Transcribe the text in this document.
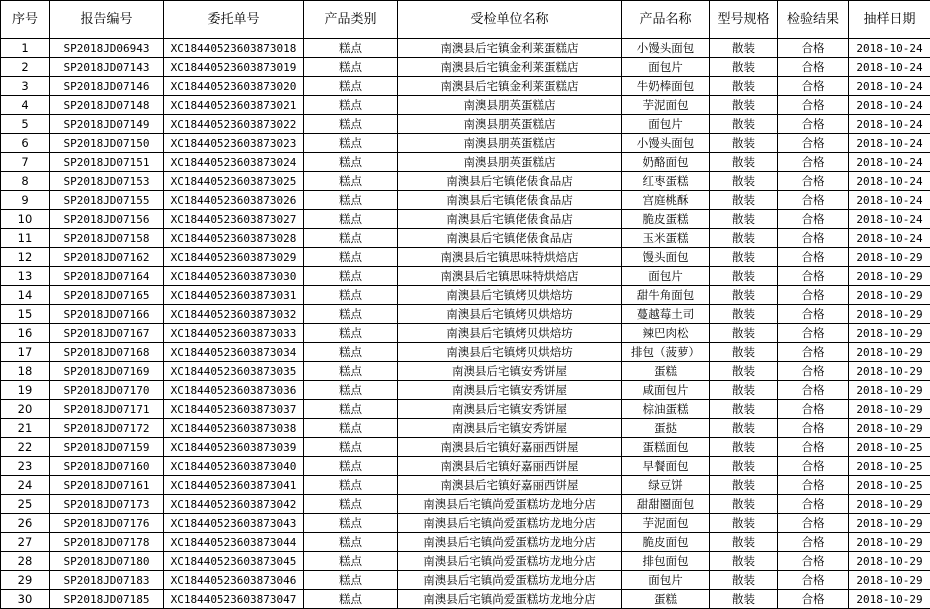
序号	报告编号	委托单号	产品类别	受检单位名称	产品名称	型号规格	检验结果	抽样日期
1	SP2018JD06943	XC18440523603873018	糕点	南澳县后宅镇金利莱蛋糕店	小馒头面包	散装	合格	2018-10-24
2	SP2018JD07143	XC18440523603873019	糕点	南澳县后宅镇金利莱蛋糕店	面包片	散装	合格	2018-10-24
3	SP2018JD07146	XC18440523603873020	糕点	南澳县后宅镇金利莱蛋糕店	牛奶棒面包	散装	合格	2018-10-24
4	SP2018JD07148	XC18440523603873021	糕点	南澳县朋英蛋糕店	芋泥面包	散装	合格	2018-10-24
5	SP2018JD07149	XC18440523603873022	糕点	南澳县朋英蛋糕店	面包片	散装	合格	2018-10-24
6	SP2018JD07150	XC18440523603873023	糕点	南澳县朋英蛋糕店	小馒头面包	散装	合格	2018-10-24
7	SP2018JD07151	XC18440523603873024	糕点	南澳县朋英蛋糕店	奶酪面包	散装	合格	2018-10-24
8	SP2018JD07153	XC18440523603873025	糕点	南澳县后宅镇佬俵食品店	红枣蛋糕	散装	合格	2018-10-24
9	SP2018JD07155	XC18440523603873026	糕点	南澳县后宅镇佬俵食品店	宫庭桃酥	散装	合格	2018-10-24
10	SP2018JD07156	XC18440523603873027	糕点	南澳县后宅镇佬俵食品店	脆皮蛋糕	散装	合格	2018-10-24
11	SP2018JD07158	XC18440523603873028	糕点	南澳县后宅镇佬俵食品店	玉米蛋糕	散装	合格	2018-10-24
12	SP2018JD07162	XC18440523603873029	糕点	南澳县后宅镇思味特烘焙店	馒头面包	散装	合格	2018-10-29
13	SP2018JD07164	XC18440523603873030	糕点	南澳县后宅镇思味特烘焙店	面包片	散装	合格	2018-10-29
14	SP2018JD07165	XC18440523603873031	糕点	南澳县后宅镇烤贝烘焙坊	甜牛角面包	散装	合格	2018-10-29
15	SP2018JD07166	XC18440523603873032	糕点	南澳县后宅镇烤贝烘焙坊	蔓越莓土司	散装	合格	2018-10-29
16	SP2018JD07167	XC18440523603873033	糕点	南澳县后宅镇烤贝烘焙坊	辣巴肉松	散装	合格	2018-10-29
17	SP2018JD07168	XC18440523603873034	糕点	南澳县后宅镇烤贝烘焙坊	排包（菠萝）	散装	合格	2018-10-29
18	SP2018JD07169	XC18440523603873035	糕点	南澳县后宅镇安秀饼屋	蛋糕	散装	合格	2018-10-29
19	SP2018JD07170	XC18440523603873036	糕点	南澳县后宅镇安秀饼屋	咸面包片	散装	合格	2018-10-29
20	SP2018JD07171	XC18440523603873037	糕点	南澳县后宅镇安秀饼屋	棕油蛋糕	散装	合格	2018-10-29
21	SP2018JD07172	XC18440523603873038	糕点	南澳县后宅镇安秀饼屋	蛋挞	散装	合格	2018-10-29
22	SP2018JD07159	XC18440523603873039	糕点	南澳县后宅镇好嘉丽西饼屋	蛋糕面包	散装	合格	2018-10-25
23	SP2018JD07160	XC18440523603873040	糕点	南澳县后宅镇好嘉丽西饼屋	早餐面包	散装	合格	2018-10-25
24	SP2018JD07161	XC18440523603873041	糕点	南澳县后宅镇好嘉丽西饼屋	绿豆饼	散装	合格	2018-10-25
25	SP2018JD07173	XC18440523603873042	糕点	南澳县后宅镇尚爱蛋糕坊龙地分店	甜甜圈面包	散装	合格	2018-10-29
26	SP2018JD07176	XC18440523603873043	糕点	南澳县后宅镇尚爱蛋糕坊龙地分店	芋泥面包	散装	合格	2018-10-29
27	SP2018JD07178	XC18440523603873044	糕点	南澳县后宅镇尚爱蛋糕坊龙地分店	脆皮面包	散装	合格	2018-10-29
28	SP2018JD07180	XC18440523603873045	糕点	南澳县后宅镇尚爱蛋糕坊龙地分店	排包面包	散装	合格	2018-10-29
29	SP2018JD07183	XC18440523603873046	糕点	南澳县后宅镇尚爱蛋糕坊龙地分店	面包片	散装	合格	2018-10-29
30	SP2018JD07185	XC18440523603873047	糕点	南澳县后宅镇尚爱蛋糕坊龙地分店	蛋糕	散装	合格	2018-10-29
